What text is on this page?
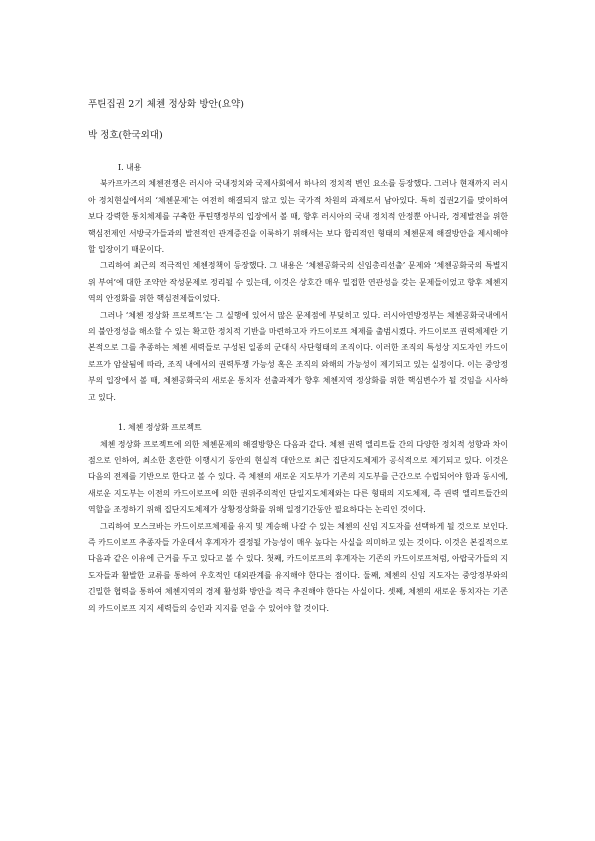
푸틴집권 2기 체첸 정상화 방안(요약)
박 정호(한국외대)

I. 내용

북카프카즈의 체첸전쟁은 러시아 국내정치와 국제사회에서 하나의 정치적 변인 요소를 등장했다. 그러나 현재까지 러시아 정치현실에서의 ‘체첸문제’는 여전히 해결되지 않고 있는 국가적 차원의 과제로서 남아있다. 특히 집권2기를 맞이하여 보다 강력한 통치체제를 구축한 푸틴행정부의 입장에서 볼 때, 향후 러시아의 국내 정치적 안정뿐 아니라, 경제발전을 위한 핵심전제인 서방국가들과의 발전적인 관계증진을 이룩하기 위해서는 보다 합리적인 형태의 체첸문제 해결방안을 제시해야 할 입장이기 때문이다.

그리하여 최근의 적극적인 체첸정책이 등장했다. 그 내용은 ‘체첸공화국의 신임총리선출’ 문제와 ‘체첸공화국의 특별지위 부여’에 대한 조약안 작성문제로 정리될 수 있는데, 이것은 상호간 매우 밀접한 연관성을 갖는 문제들이었고 향후 체첸지역의 안정화를 위한 핵심전제들이었다.

그러나 ‘체첸 정상화 프로젝트’는 그 실행에 있어서 많은 문제점에 부딪히고 있다. 러시아연방정부는 체첸공화국내에서의 불안정성을 해소할 수 있는 확고한 정치적 기반을 마련하고자 카드이로프 체제를 출범시켰다. 카드이로프 권력체제란 기본적으로 그를 추종하는 체첸 세력들로 구성된 일종의 군대식 사단형태의 조직이다. 이러한 조직의 특성상 지도자인 카드이로프가 암살됨에 따라, 조직 내에서의 권력투쟁 가능성 혹은 조직의 와해의 가능성이 제기되고 있는 실정이다. 이는 중앙정부의 입장에서 볼 때, 체첸공화국의 새로운 통치자 선출과제가 향후 체첸지역 정상화를 위한 핵심변수가 될 것임을 시사하고 있다.

1. 체첸 정상화 프로젝트

체첸 정상화 프로젝트에 의한 체첸문제의 해결방향은 다음과 같다. 체첸 권력 엘리트들 간의 다양한 정치적 성향과 차이점으로 인하여, 최소한 혼란한 이행시기 동안의 현실적 대안으로 최근 집단지도체제가 공식적으로 제기되고 있다. 이것은 다음의 전제를 기반으로 한다고 볼 수 있다. 즉 체첸의 새로운 지도부가 기존의 지도부를 근간으로 수립되어야 함과 동시에, 새로운 지도부는 이전의 카드이로프에 의한 권위주의적인 단일지도체제와는 다른 형태의 지도체제, 즉 권력 엘리트들간의 역할을 조정하기 위해 집단지도체제가 상황정상화를 위해 일정기간동안 필요하다는 논리인 것이다.

그리하여 모스크바는 카드이로프체제를 유지 및 계승해 나갈 수 있는 체첸의 신임 지도자를 선택하게 될 것으로 보인다. 즉 카드이로프 추종자들 가운데서 후계자가 결정될 가능성이 매우 높다는 사실을 의미하고 있는 것이다. 이것은 본질적으로 다음과 같은 이유에 근거를 두고 있다고 볼 수 있다. 첫째, 카드이로프의 후계자는 기존의 카드이로프처럼, 아랍국가들의 지도자들과 활발한 교류를 통하여 우호적인 대외관계를 유지해야 한다는 점이다. 둘째, 체첸의 신임 지도자는 중앙정부와의 긴밀한 협력을 통하여 체첸지역의 경제 활성화 방안을 적극 추진해야 한다는 사실이다. 셋째, 체첸의 새로운 통치자는 기존의 카드이로프 지지 세력들의 승인과 지지를 얻을 수 있어야 할 것이다.
